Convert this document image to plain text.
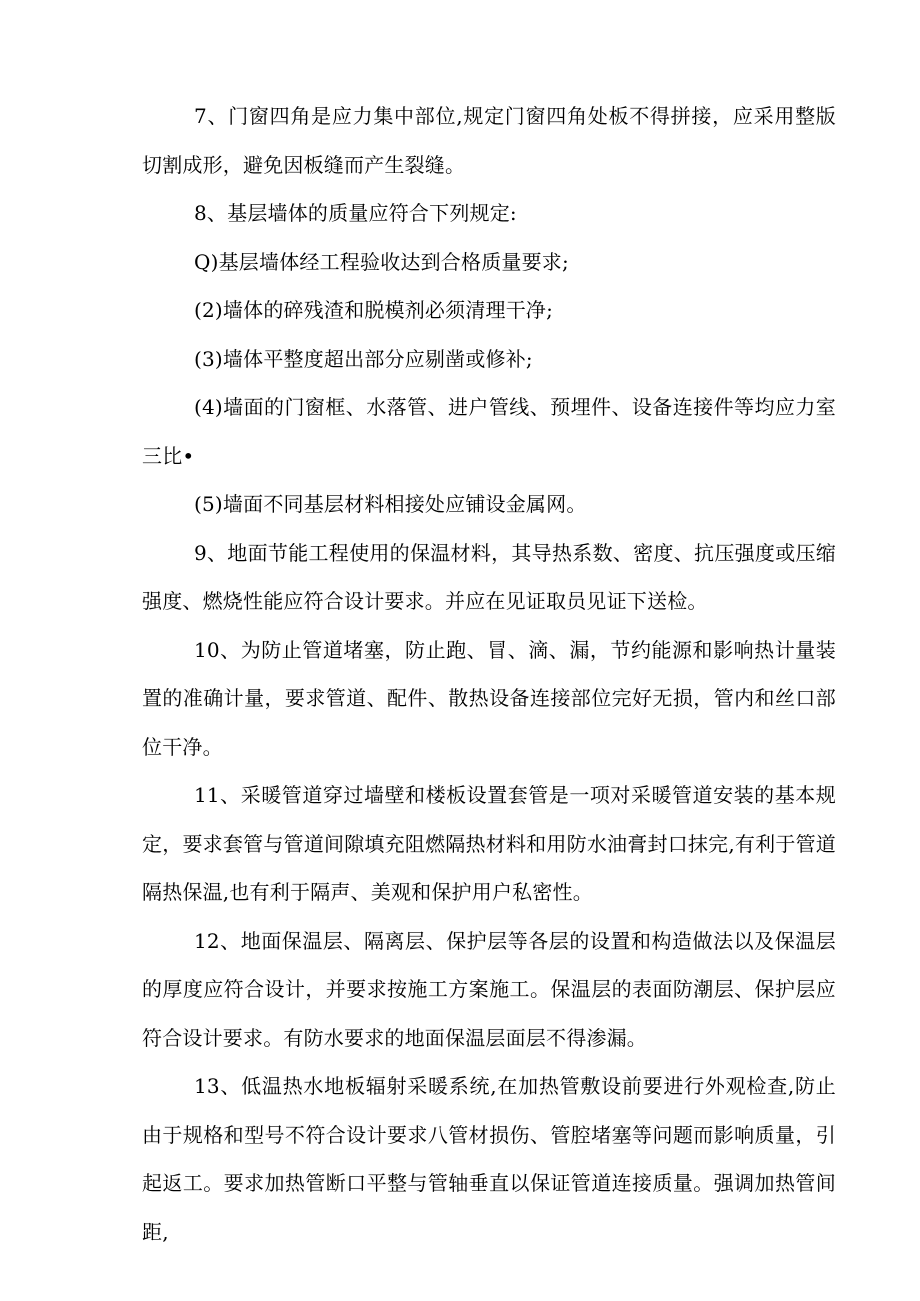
7、门窗四角是应力集中部位,规定门窗四角处板不得拼接，应采用整版切割成形，避免因板缝而产生裂缝。

8、基层墙体的质量应符合下列规定:

Q)基层墙体经工程验收达到合格质量要求;

(2)墙体的碎残渣和脱模剂必须清理干净;

(3)墙体平整度超出部分应剔凿或修补;

(4)墙面的门窗框、水落管、进户管线、预埋件、设备连接件等均应力室三比•

(5)墙面不同基层材料相接处应铺设金属网。

9、地面节能工程使用的保温材料，其导热系数、密度、抗压强度或压缩强度、燃烧性能应符合设计要求。并应在见证取员见证下送检。

10、为防止管道堵塞，防止跑、冒、滴、漏，节约能源和影响热计量装置的准确计量，要求管道、配件、散热设备连接部位完好无损，管内和丝口部位干净。

11、采暖管道穿过墙壁和楼板设置套管是一项对采暖管道安装的基本规定，要求套管与管道间隙填充阻燃隔热材料和用防水油膏封口抹完,有利于管道隔热保温,也有利于隔声、美观和保护用户私密性。

12、地面保温层、隔离层、保护层等各层的设置和构造做法以及保温层的厚度应符合设计，并要求按施工方案施工。保温层的表面防潮层、保护层应符合设计要求。有防水要求的地面保温层面层不得渗漏。

13、低温热水地板辐射采暖系统,在加热管敷设前要进行外观检查,防止由于规格和型号不符合设计要求八管材损伤、管腔堵塞等问题而影响质量，引起返工。要求加热管断口平整与管轴垂直以保证管道连接质量。强调加热管间距,
